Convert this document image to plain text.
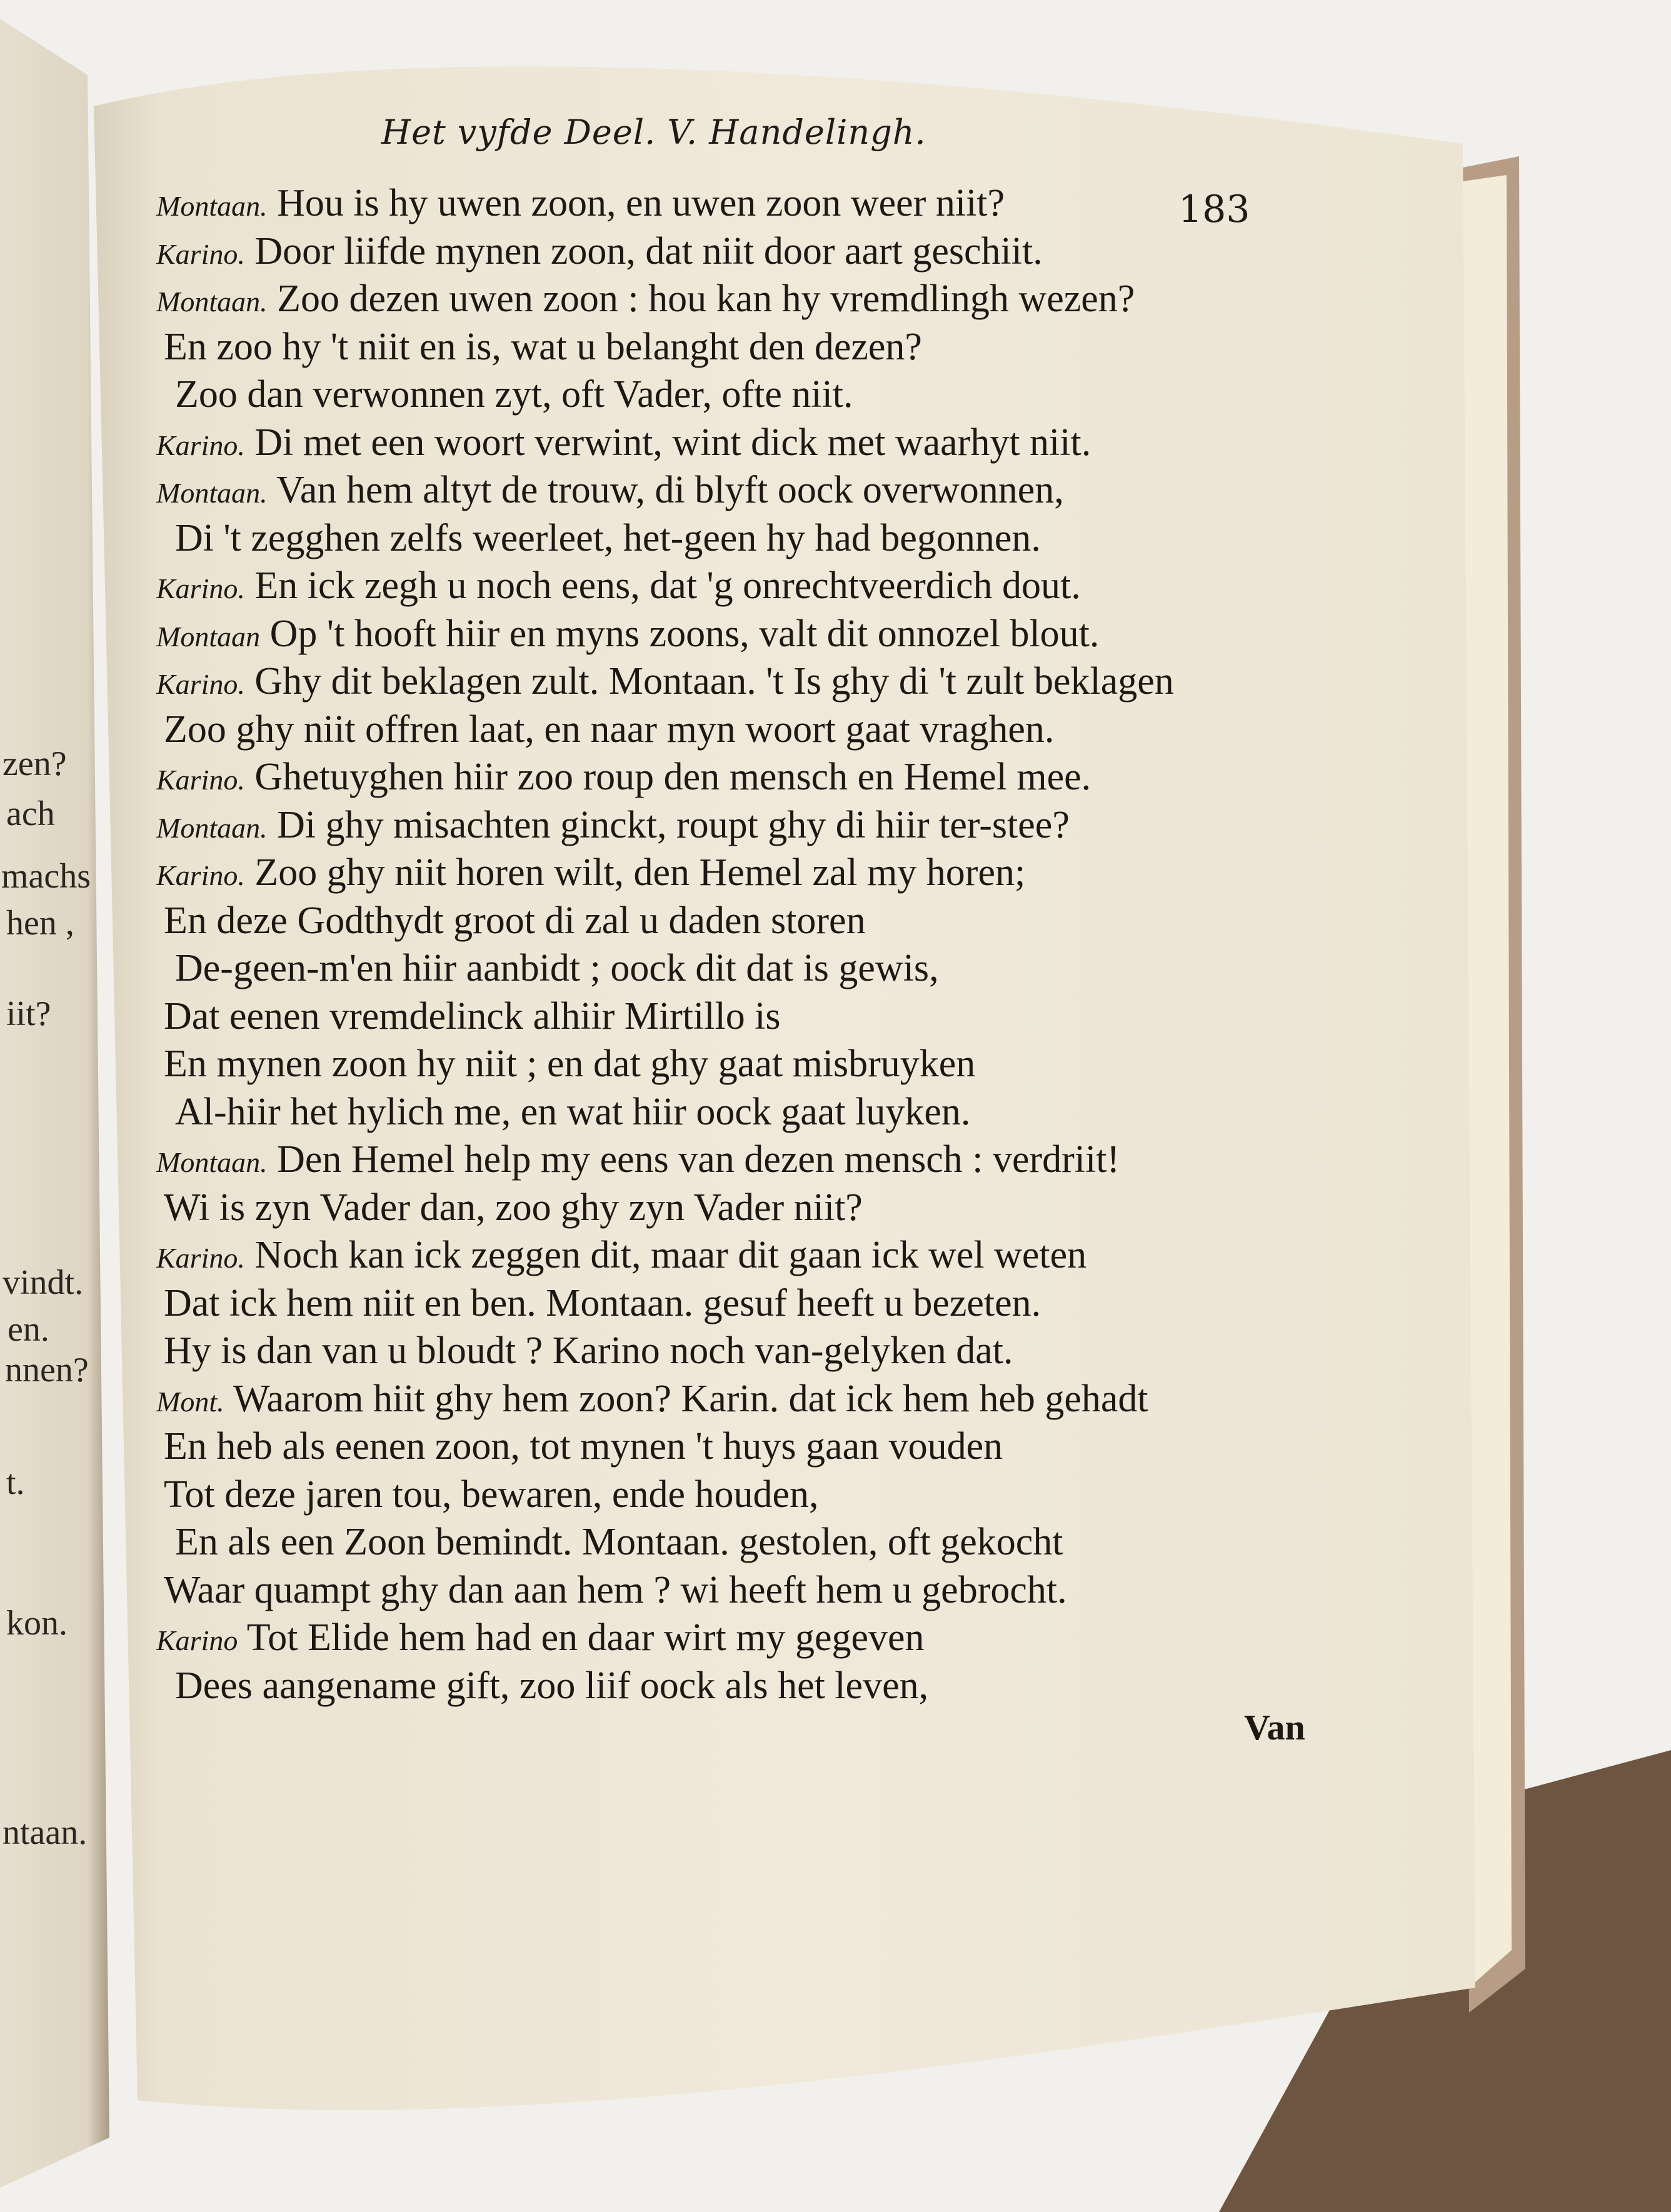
zen?
ach
machs
hen ,
iit?
vindt.
en.
nnen?
t.
kon.
ntaan.
Het vyfde Deel. V. Handelingh.
183
Montaan. Hou is hy uwen zoon, en uwen zoon weer niit?
Karino. Door liifde mynen zoon, dat niit door aart geschiit.
Montaan. Zoo dezen uwen zoon : hou kan hy vremdlingh wezen?
En zoo hy 't niit en is, wat u belanght den dezen?
Zoo dan verwonnen zyt, oft Vader, ofte niit.
Karino. Di met een woort verwint, wint dick met waarhyt niit.
Montaan. Van hem altyt de trouw, di blyft oock overwonnen,
Di 't zegghen zelfs weerleet, het-geen hy had begonnen.
Karino. En ick zegh u noch eens, dat 'g onrechtveerdich dout.
Montaan Op 't hooft hiir en myns zoons, valt dit onnozel blout.
Karino. Ghy dit beklagen zult. Montaan. 't Is ghy di 't zult beklagen
Zoo ghy niit offren laat, en naar myn woort gaat vraghen.
Karino. Ghetuyghen hiir zoo roup den mensch en Hemel mee.
Montaan. Di ghy misachten ginckt, roupt ghy di hiir ter-stee?
Karino. Zoo ghy niit horen wilt, den Hemel zal my horen;
En deze Godthydt groot di zal u daden storen
De-geen-m'en hiir aanbidt ; oock dit dat is gewis,
Dat eenen vremdelinck alhiir Mirtillo is
En mynen zoon hy niit ; en dat ghy gaat misbruyken
Al-hiir het hylich me, en wat hiir oock gaat luyken.
Montaan. Den Hemel help my eens van dezen mensch : verdriit!
Wi is zyn Vader dan, zoo ghy zyn Vader niit?
Karino. Noch kan ick zeggen dit, maar dit gaan ick wel weten
Dat ick hem niit en ben. Montaan. gesuf heeft u bezeten.
Hy is dan van u bloudt ? Karino noch van-gelyken dat.
Mont. Waarom hiit ghy hem zoon? Karin. dat ick hem heb gehadt
En heb als eenen zoon, tot mynen 't huys gaan vouden
Tot deze jaren tou, bewaren, ende houden,
En als een Zoon bemindt. Montaan. gestolen, oft gekocht
Waar quampt ghy dan aan hem ? wi heeft hem u gebrocht.
Karino Tot Elide hem had en daar wirt my gegeven
Dees aangename gift, zoo liif oock als het leven,
Van
